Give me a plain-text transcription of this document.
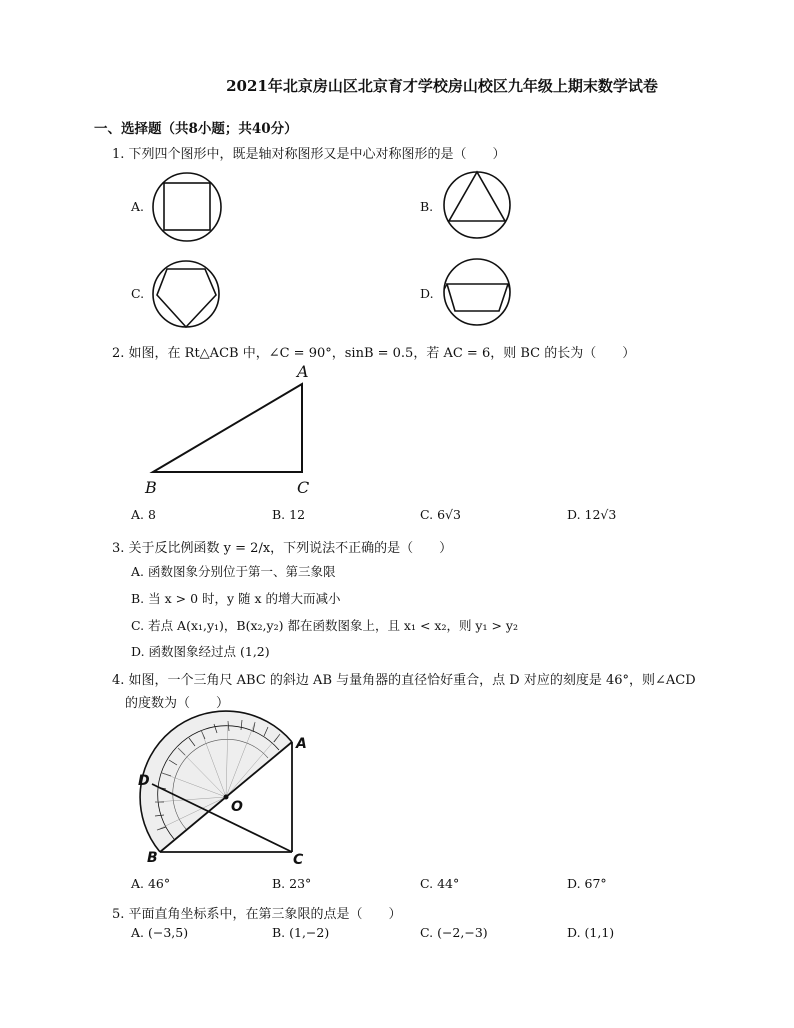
2021年北京房山区北京育才学校房山校区九年级上期末数学试卷
一、选择题（共8小题；共40分）
1. 下列四个图形中，既是轴对称图形又是中心对称图形的是（　　）
A.	B.
C.	D.
2. 如图，在 Rt△ACB 中，∠C = 90°，sinB = 0.5，若 AC = 6，则 BC 的长为（　　）
A
B	C
A. 8	B. 12	C. 6√3	D. 12√3
3. 关于反比例函数 y = 2/x，下列说法不正确的是（　　）
A. 函数图象分别位于第一、第三象限
B. 当 x > 0 时，y 随 x 的增大而减小
C. 若点 A(x₁,y₁)，B(x₂,y₂) 都在函数图象上，且 x₁ < x₂，则 y₁ > y₂
D. 函数图象经过点 (1,2)
4. 如图，一个三角尺 ABC 的斜边 AB 与量角器的直径恰好重合，点 D 对应的刻度是 46°，则∠ACD
的度数为（　　）
A
B	C
D
O
A. 46°	B. 23°	C. 44°	D. 67°
5. 平面直角坐标系中，在第三象限的点是（　　）
A. (−3,5)	B. (1,−2)	C. (−2,−3)	D. (1,1)
